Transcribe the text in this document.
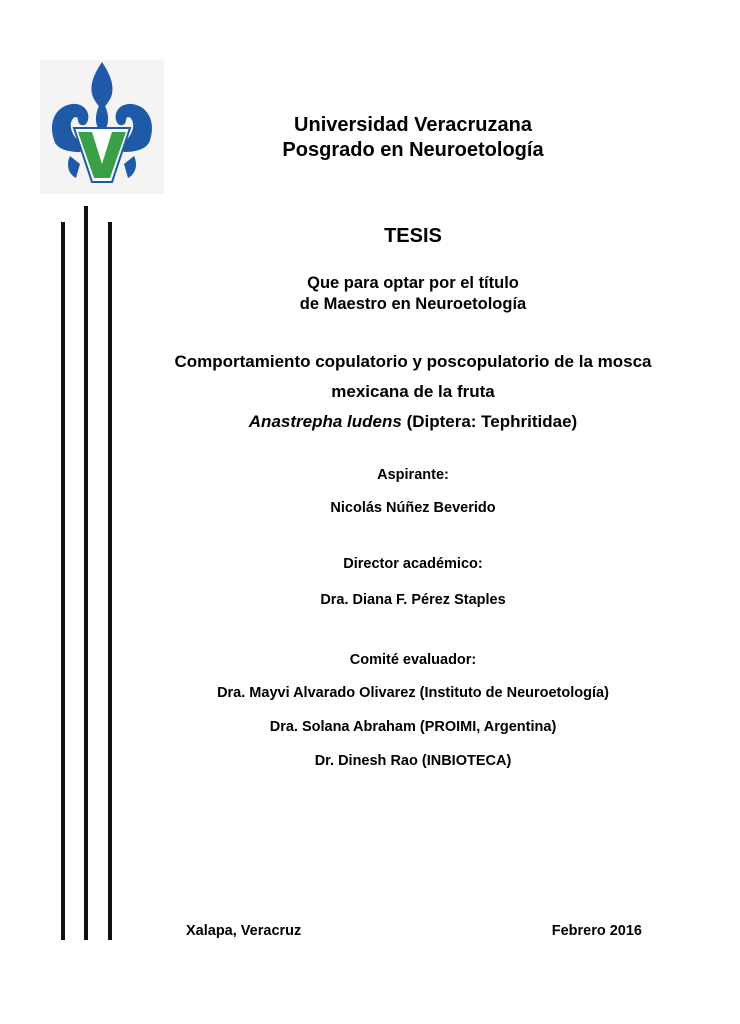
Universidad Veracruzana
Posgrado en Neuroetología
TESIS
Que para optar por el título
de Maestro en Neuroetología
Comportamiento copulatorio y poscopulatorio de la mosca
mexicana de la fruta
Anastrepha ludens (Diptera: Tephritidae)
Aspirante:
Nicolás Núñez Beverido
Director académico:
Dra. Diana F. Pérez Staples
Comité evaluador:
Dra. Mayvi Alvarado Olivarez (Instituto de Neuroetología)
Dra. Solana Abraham (PROIMI, Argentina)
Dr. Dinesh Rao (INBIOTECA)
Xalapa, Veracruz	Febrero 2016
